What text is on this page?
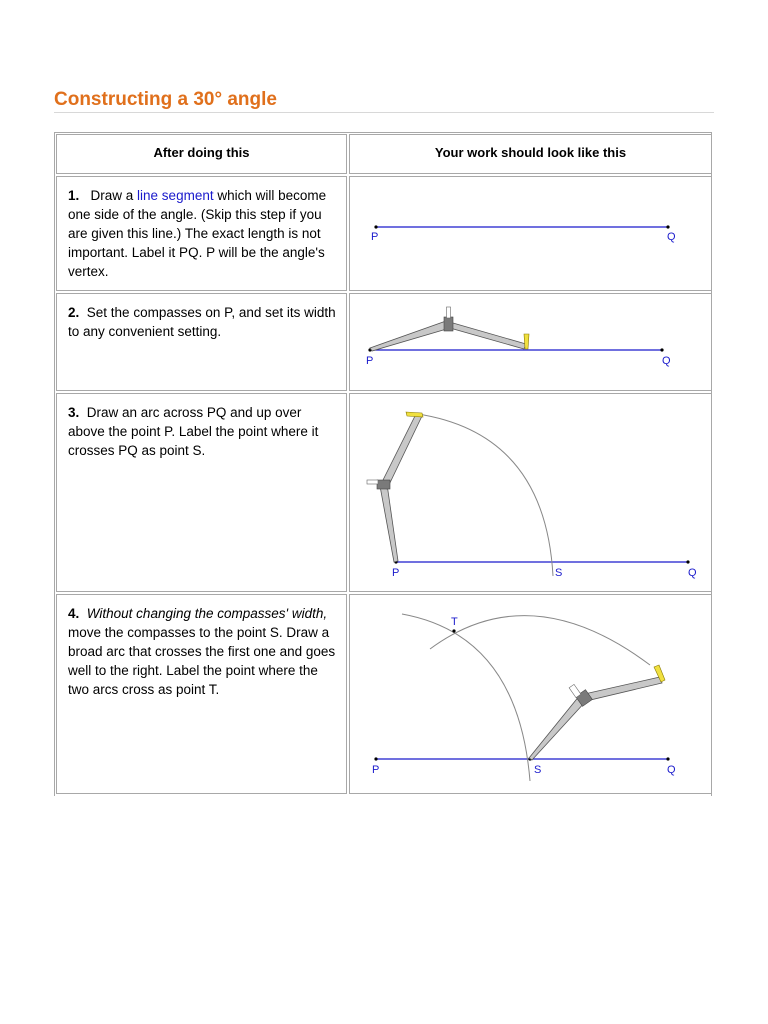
Constructing a 30° angle
After doing this	Your work should look like this
1. Draw a line segment which will become one side of the angle. (Skip this step if you are given this line.) The exact length is not important. Label it PQ. P will be the angle's vertex.
P	Q
2. Set the compasses on P, and set its width to any convenient setting.
P	Q
3. Draw an arc across PQ and up over above the point P. Label the point where it crosses PQ as point S.
P	S	Q
4. Without changing the compasses' width, move the compasses to the point S. Draw a broad arc that crosses the first one and goes well to the right. Label the point where the two arcs cross as point T.
T
P	S	Q
